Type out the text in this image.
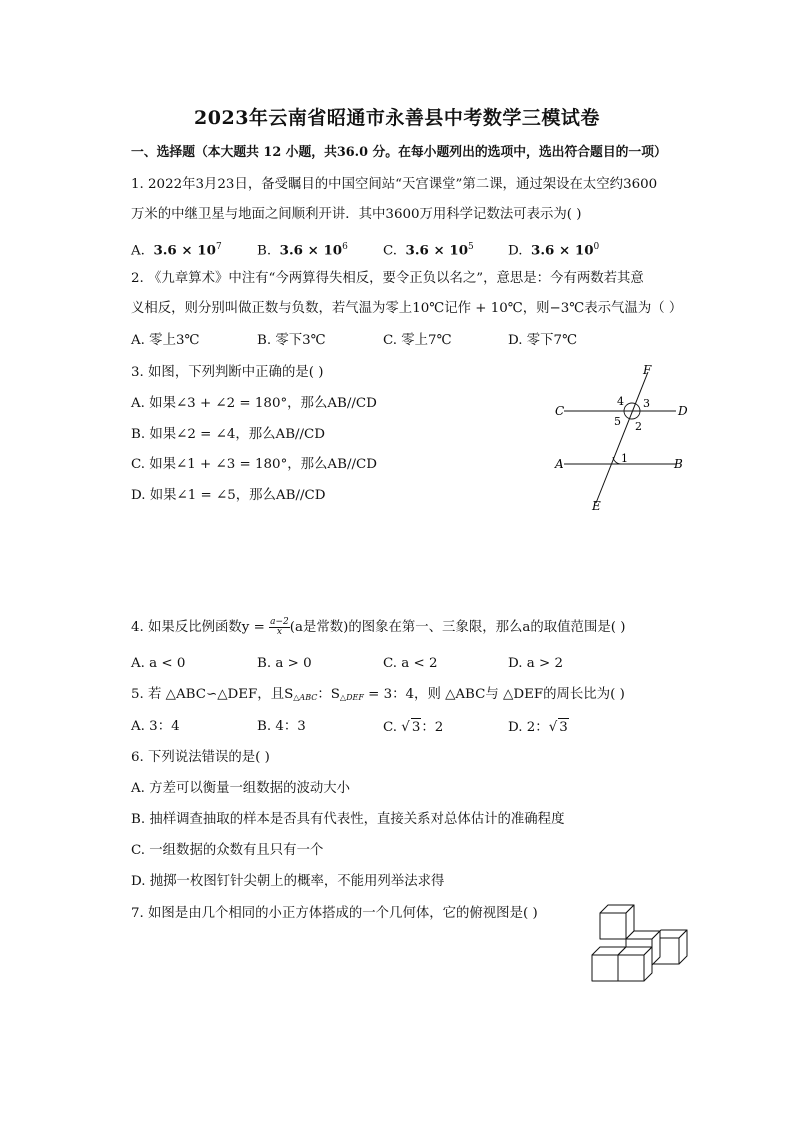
2023年云南省昭通市永善县中考数学三模试卷
一、选择题（本大题共 12 小题，共36.0 分。在每小题列出的选项中，选出符合题目的一项）
1. 2022年3月23日，备受瞩目的中国空间站“天宫课堂”第二课，通过架设在太空约3600
万米的中继卫星与地面之间顺利开讲．其中3600万用科学记数法可表示为( )
A. $3.6 \times 10^7$	B. $3.6 \times 10^6$	C. $3.6 \times 10^5$	D. $3.6 \times 10^0$
2. 《九章算术》中注有“今两算得失相反，要令正负以名之”，意思是：今有两数若其意
义相反，则分别叫做正数与负数，若气温为零上10℃记作 + 10℃，则−3℃表示气温为（ ）
A. 零上3℃	B. 零下3℃	C. 零上7℃	D. 零下7℃
3. 如图，下列判断中正确的是( )
A. 如果∠3 + ∠2 = 180°，那么AB//CD
B. 如果∠2 = ∠4，那么AB//CD
C. 如果∠1 + ∠3 = 180°，那么AB//CD
D. 如果∠1 = ∠5，那么AB//CD
F
C	D
A	B
E
4 3
5 2
1
4. 如果反比例函数$y = \frac{a-2}{x} (a$是常数)的图象在第一、三象限，那么a的取值范围是( )
A. a < 0	B. a > 0	C. a < 2	D. a > 2
5. 若 △ABC∽△DEF，且$S_{\triangle ABC}$：$S_{\triangle DEF} = 3$：4，则 △ABC与 △DEF的周长比为( )
A. 3：4	B. 4：3	C. √ 3：2	D. 2：√ 3
6. 下列说法错误的是( )
A. 方差可以衡量一组数据的波动大小
B. 抽样调查抽取的样本是否具有代表性，直接关系对总体估计的准确程度
C. 一组数据的众数有且只有一个
D. 抛掷一枚图钉针尖朝上的概率，不能用列举法求得
7. 如图是由几个相同的小正方体搭成的一个几何体，它的俯视图是( )
